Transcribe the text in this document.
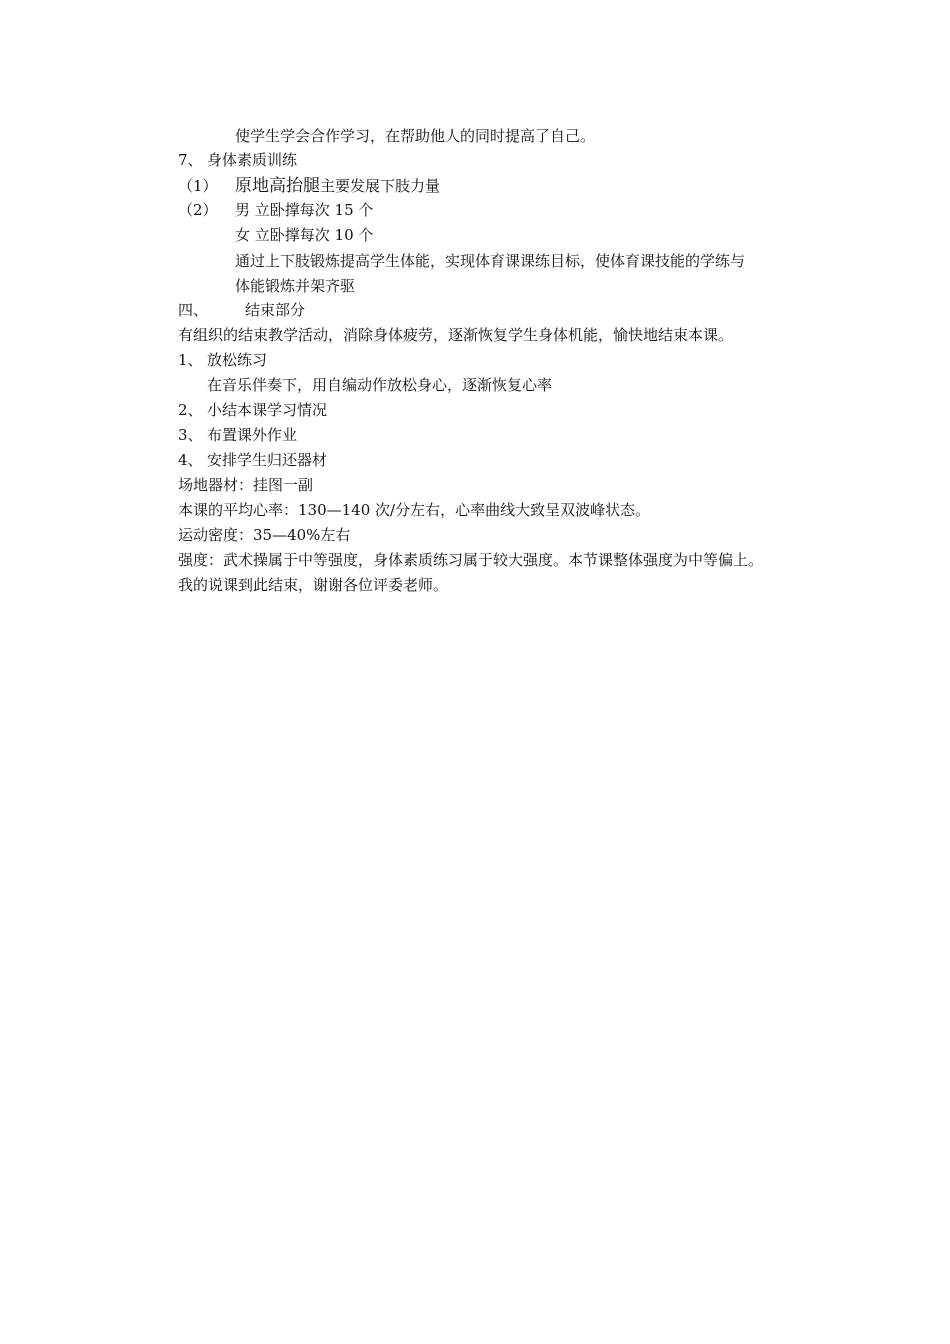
使学生学会合作学习，在帮助他人的同时提高了自己。
7、 身体素质训练
（1） 原地高抬腿主要发展下肢力量
（2） 男 立卧撑每次 15 个
女 立卧撑每次 10 个
通过上下肢锻炼提高学生体能，实现体育课课练目标，使体育课技能的学练与
体能锻炼并架齐驱
四、 结束部分
有组织的结束教学活动，消除身体疲劳，逐渐恢复学生身体机能，愉快地结束本课。
1、 放松练习
在音乐伴奏下，用自编动作放松身心，逐渐恢复心率
2、 小结本课学习情况
3、 布置课外作业
4、 安排学生归还器材
场地器材：挂图一副
本课的平均心率：130—140 次/分左右，心率曲线大致呈双波峰状态。
运动密度：35—40%左右
强度：武术操属于中等强度，身体素质练习属于较大强度。本节课整体强度为中等偏上。
我的说课到此结束，谢谢各位评委老师。
